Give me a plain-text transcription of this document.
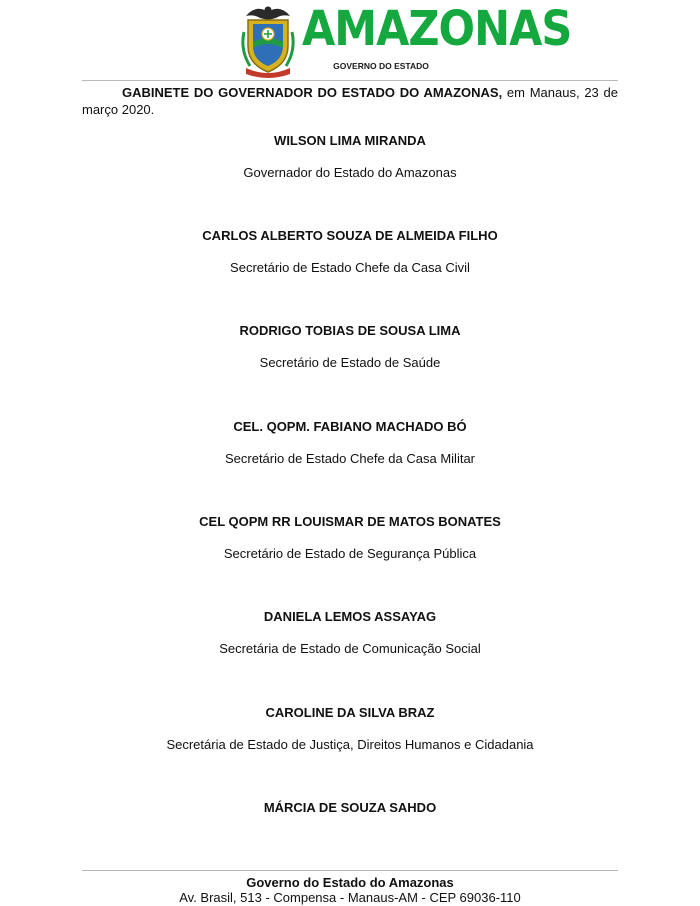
AMAZONAS
GOVERNO DO ESTADO
GABINETE DO GOVERNADOR DO ESTADO DO AMAZONAS, em Manaus, 23 de março 2020.
WILSON LIMA MIRANDA
Governador do Estado do Amazonas
CARLOS ALBERTO SOUZA DE ALMEIDA FILHO
Secretário de Estado Chefe da Casa Civil
RODRIGO TOBIAS DE SOUSA LIMA
Secretário de Estado de Saúde
CEL. QOPM. FABIANO MACHADO BÓ
Secretário de Estado Chefe da Casa Militar
CEL QOPM RR LOUISMAR DE MATOS BONATES
Secretário de Estado de Segurança Pública
DANIELA LEMOS ASSAYAG
Secretária de Estado de Comunicação Social
CAROLINE DA SILVA BRAZ
Secretária de Estado de Justiça, Direitos Humanos e Cidadania
MÁRCIA DE SOUZA SAHDO
Governo do Estado do Amazonas
Av. Brasil, 513 - Compensa - Manaus-AM - CEP 69036-110
